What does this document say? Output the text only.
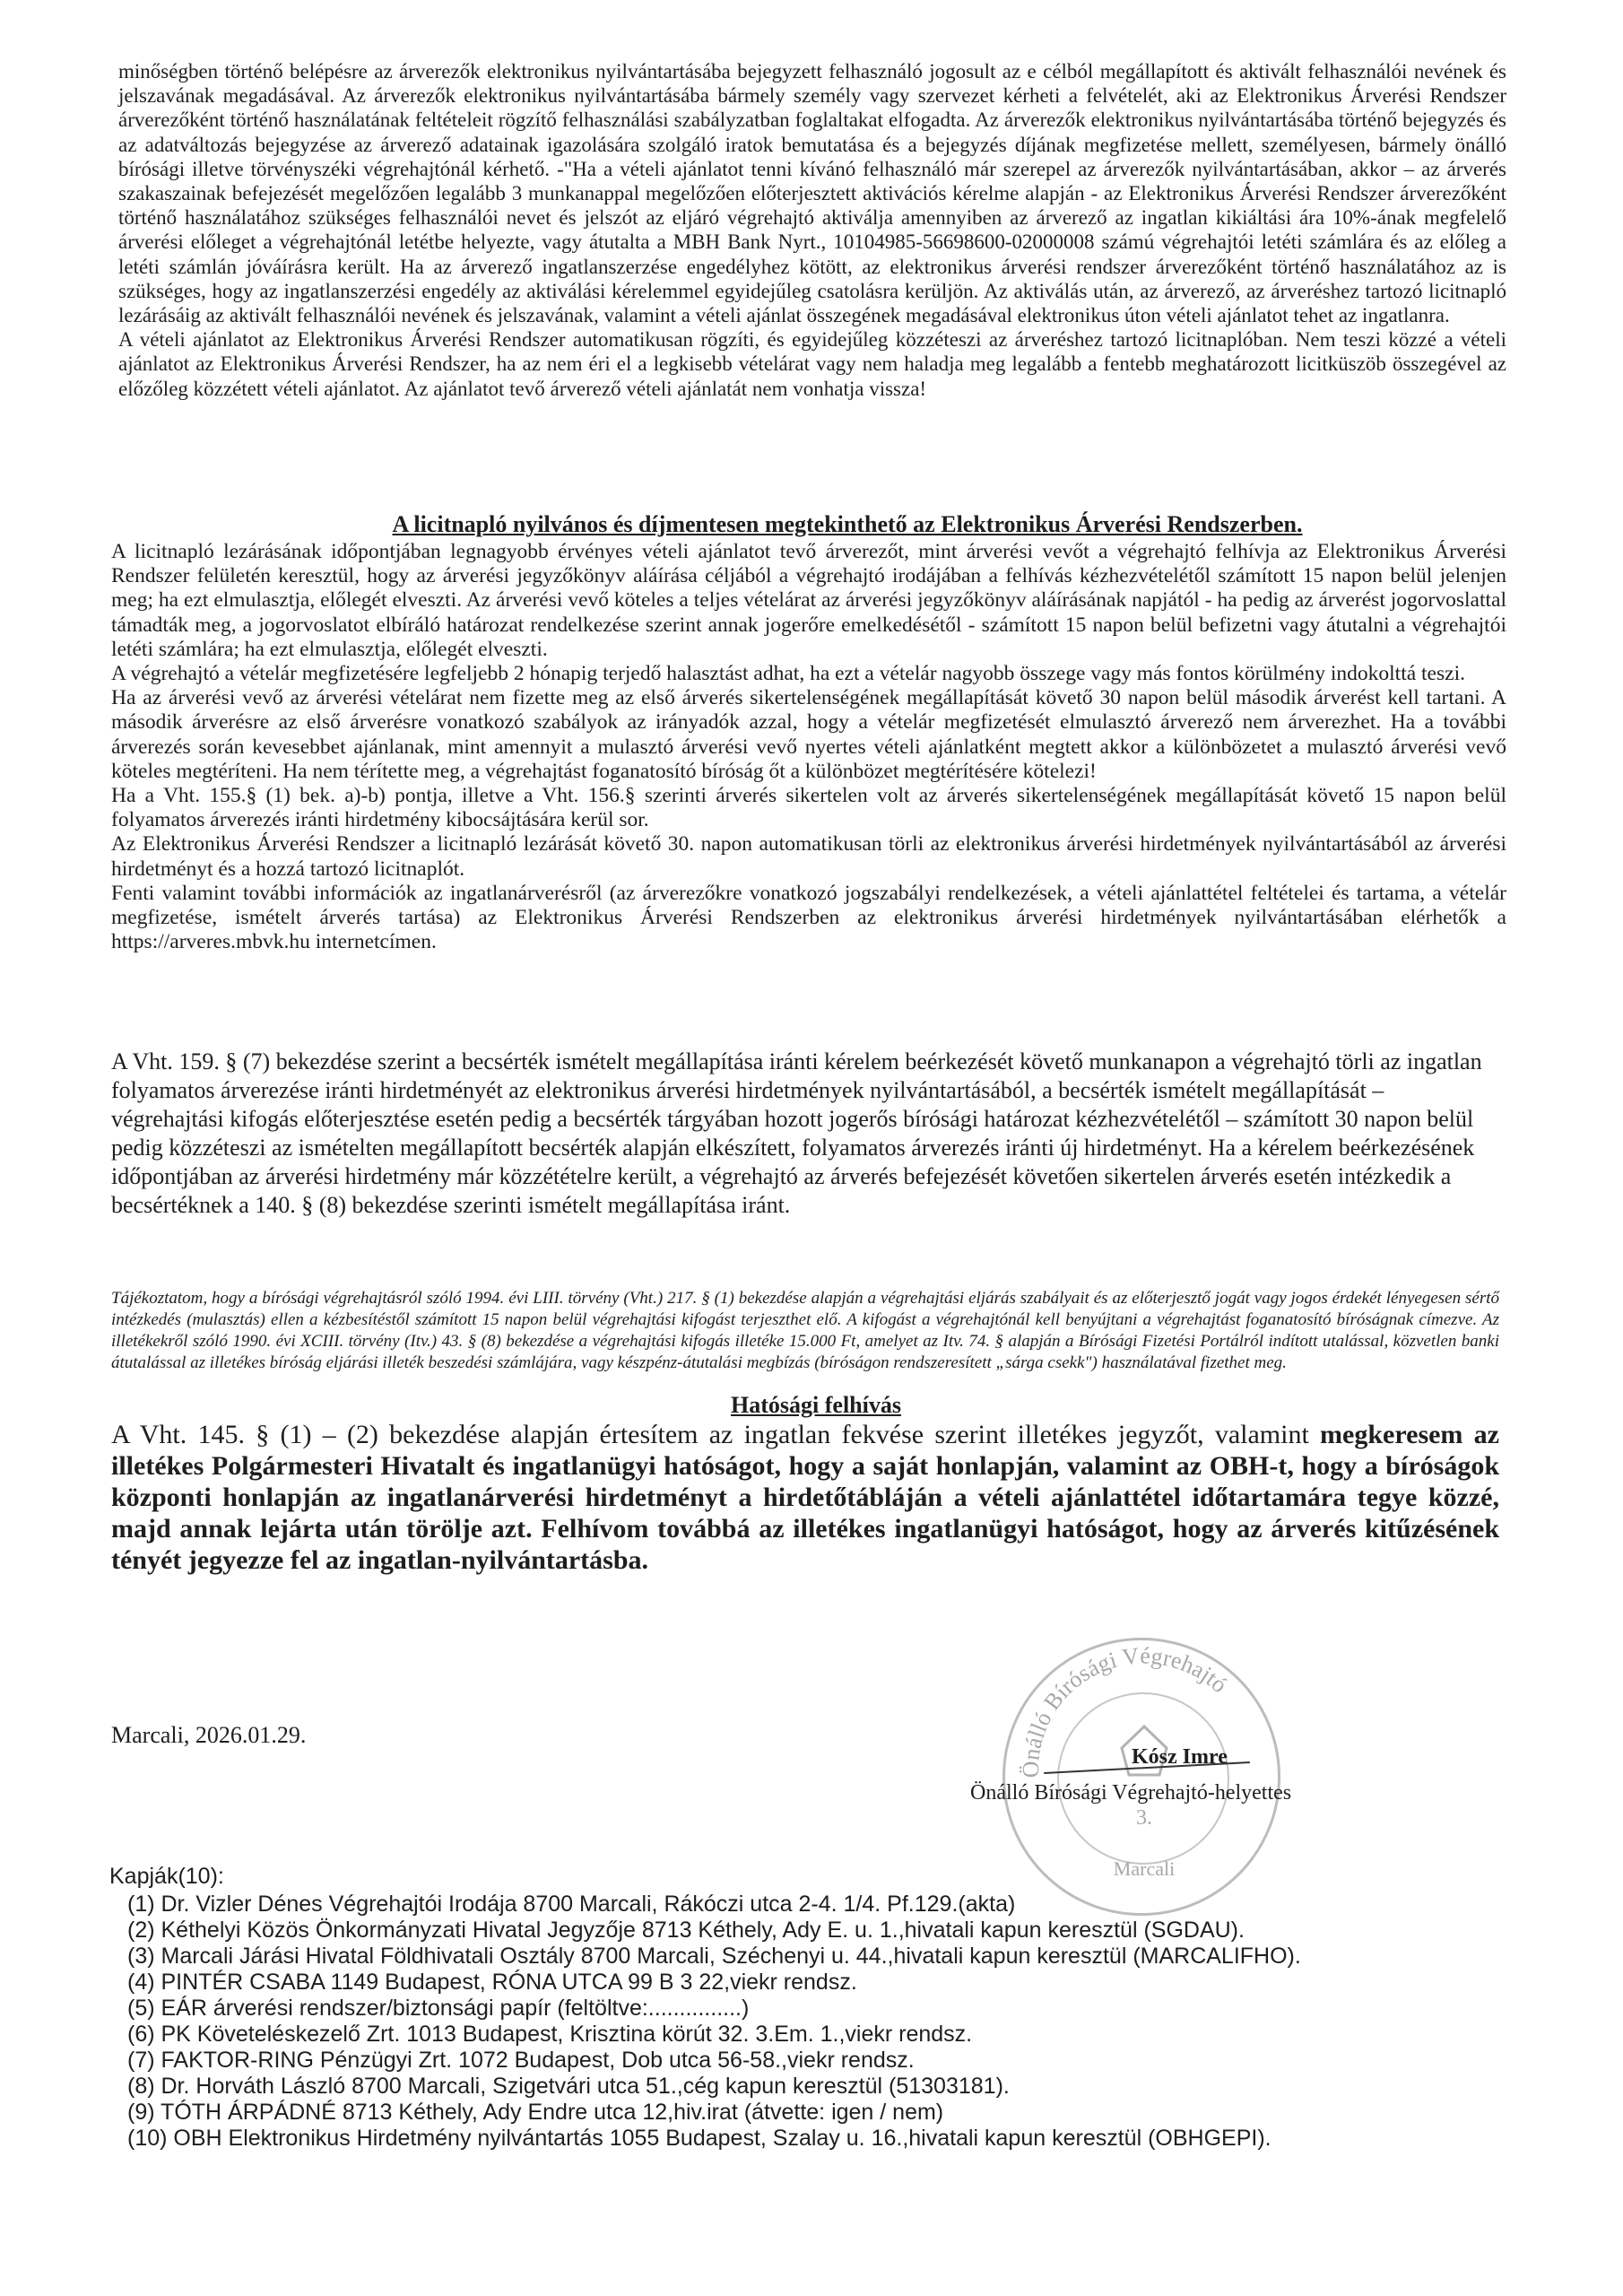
minőségben történő belépésre az árverezők elektronikus nyilvántartásába bejegyzett felhasználó jogosult az e célból megállapított és aktivált felhasználói nevének és jelszavának megadásával. Az árverezők elektronikus nyilvántartásába bármely személy vagy szervezet kérheti a felvételét, aki az Elektronikus Árverési Rendszer árverezőként történő használatának feltételeit rögzítő felhasználási szabályzatban foglaltakat elfogadta. Az árverezők elektronikus nyilvántartásába történő bejegyzés és az adatváltozás bejegyzése az árverező adatainak igazolására szolgáló iratok bemutatása és a bejegyzés díjának megfizetése mellett, személyesen, bármely önálló bírósági illetve törvényszéki végrehajtónál kérhető. -"Ha a vételi ajánlatot tenni kívánó felhasználó már szerepel az árverezők nyilvántartásában, akkor – az árverés szakaszainak befejezését megelőzően legalább 3 munkanappal megelőzően előterjesztett aktivációs kérelme alapján - az Elektronikus Árverési Rendszer árverezőként történő használatához szükséges felhasználói nevet és jelszót az eljáró végrehajtó aktiválja amennyiben az árverező az ingatlan kikiáltási ára 10%-ának megfelelő árverési előleget a végrehajtónál letétbe helyezte, vagy átutalta a MBH Bank Nyrt., 10104985-56698600-02000008 számú végrehajtói letéti számlára és az előleg a letéti számlán jóváírásra került. Ha az árverező ingatlanszerzése engedélyhez kötött, az elektronikus árverési rendszer árverezőként történő használatához az is szükséges, hogy az ingatlanszerzési engedély az aktiválási kérelemmel egyidejűleg csatolásra kerüljön. Az aktiválás után, az árverező, az árveréshez tartozó licitnapló lezárásáig az aktivált felhasználói nevének és jelszavának, valamint a vételi ajánlat összegének megadásával elektronikus úton vételi ajánlatot tehet az ingatlanra.
A vételi ajánlatot az Elektronikus Árverési Rendszer automatikusan rögzíti, és egyidejűleg közzéteszi az árveréshez tartozó licitnaplóban. Nem teszi közzé a vételi ajánlatot az Elektronikus Árverési Rendszer, ha az nem éri el a legkisebb vételárat vagy nem haladja meg legalább a fentebb meghatározott licitküszöb összegével az előzőleg közzétett vételi ajánlatot. Az ajánlatot tevő árverező vételi ajánlatát nem vonhatja vissza!

A licitnapló nyilvános és díjmentesen megtekinthető az Elektronikus Árverési Rendszerben.

A licitnapló lezárásának időpontjában legnagyobb érvényes vételi ajánlatot tevő árverezőt, mint árverési vevőt a végrehajtó felhívja az Elektronikus Árverési Rendszer felületén keresztül, hogy az árverési jegyzőkönyv aláírása céljából a végrehajtó irodájában a felhívás kézhezvételétől számított 15 napon belül jelenjen meg; ha ezt elmulasztja, előlegét elveszti. Az árverési vevő köteles a teljes vételárat az árverési jegyzőkönyv aláírásának napjától - ha pedig az árverést jogorvoslattal támadták meg, a jogorvoslatot elbíráló határozat rendelkezése szerint annak jogerőre emelkedésétől - számított 15 napon belül befizetni vagy átutalni a végrehajtói letéti számlára; ha ezt elmulasztja, előlegét elveszti.
A végrehajtó a vételár megfizetésére legfeljebb 2 hónapig terjedő halasztást adhat, ha ezt a vételár nagyobb összege vagy más fontos körülmény indokolttá teszi.
Ha az árverési vevő az árverési vételárat nem fizette meg az első árverés sikertelenségének megállapítását követő 30 napon belül második árverést kell tartani. A második árverésre az első árverésre vonatkozó szabályok az irányadók azzal, hogy a vételár megfizetését elmulasztó árverező nem árverezhet. Ha a további árverezés során kevesebbet ajánlanak, mint amennyit a mulasztó árverési vevő nyertes vételi ajánlatként megtett akkor a különbözetet a mulasztó árverési vevő köteles megtéríteni. Ha nem térítette meg, a végrehajtást foganatosító bíróság őt a különbözet megtérítésére kötelezi!
Ha a Vht. 155.§ (1) bek. a)-b) pontja, illetve a Vht. 156.§ szerinti árverés sikertelen volt az árverés sikertelenségének megállapítását követő 15 napon belül folyamatos árverezés iránti hirdetmény kibocsájtására kerül sor.
Az Elektronikus Árverési Rendszer a licitnapló lezárását követő 30. napon automatikusan törli az elektronikus árverési hirdetmények nyilvántartásából az árverési hirdetményt és a hozzá tartozó licitnaplót.
Fenti valamint további információk az ingatlanárverésről (az árverezőkre vonatkozó jogszabályi rendelkezések, a vételi ajánlattétel feltételei és tartama, a vételár megfizetése, ismételt árverés tartása) az Elektronikus Árverési Rendszerben az elektronikus árverési hirdetmények nyilvántartásában elérhetők a https://arveres.mbvk.hu internetcímen.

A Vht. 159. § (7) bekezdése szerint a becsérték ismételt megállapítása iránti kérelem beérkezését követő munkanapon a végrehajtó törli az ingatlan folyamatos árverezése iránti hirdetményét az elektronikus árverési hirdetmények nyilvántartásából, a becsérték ismételt megállapítását – végrehajtási kifogás előterjesztése esetén pedig a becsérték tárgyában hozott jogerős bírósági határozat kézhezvételétől – számított 30 napon belül pedig közzéteszi az ismételten megállapított becsérték alapján elkészített, folyamatos árverezés iránti új hirdetményt. Ha a kérelem beérkezésének időpontjában az árverési hirdetmény már közzétételre került, a végrehajtó az árverés befejezését követően sikertelen árverés esetén intézkedik a becsértéknek a 140. § (8) bekezdése szerinti ismételt megállapítása iránt.

Tájékoztatom, hogy a bírósági végrehajtásról szóló 1994. évi LIII. törvény (Vht.) 217. § (1) bekezdése alapján a végrehajtási eljárás szabályait és az előterjesztő jogát vagy jogos érdekét lényegesen sértő intézkedés (mulasztás) ellen a kézbesítéstől számított 15 napon belül végrehajtási kifogást terjeszthet elő. A kifogást a végrehajtónál kell benyújtani a végrehajtást foganatosító bíróságnak címezve. Az illetékekről szóló 1990. évi XCIII. törvény (Itv.) 43. § (8) bekezdése a végrehajtási kifogás illetéke 15.000 Ft, amelyet az Itv. 74. § alapján a Bírósági Fizetési Portálról indított utalással, közvetlen banki átutalással az illetékes bíróság eljárási illeték beszedési számlájára, vagy készpénz-átutalási megbízás (bíróságon rendszeresített „sárga csekk") használatával fizethet meg.

Hatósági felhívás

A Vht. 145. § (1) – (2) bekezdése alapján értesítem az ingatlan fekvése szerint illetékes jegyzőt, valamint megkeresem az illetékes Polgármesteri Hivatalt és ingatlanügyi hatóságot, hogy a saját honlapján, valamint az OBH-t, hogy a bíróságok központi honlapján az ingatlanárverési hirdetményt a hirdetőtábláján a vételi ajánlattétel időtartamára tegye közzé, majd annak lejárta után törölje azt. Felhívom továbbá az illetékes ingatlanügyi hatóságot, hogy az árverés kitűzésének tényét jegyezze fel az ingatlan-nyilvántartásba.

Önálló Bírósági Végrehajtó
3.
Marcali
Marcali, 2026.01.29.
Kósz Imre
Önálló Bírósági Végrehajtó-helyettes
Kapják(10):
(1) Dr. Vizler Dénes Végrehajtói Irodája 8700 Marcali, Rákóczi utca 2-4. 1/4. Pf.129.(akta)
(2) Kéthelyi Közös Önkormányzati Hivatal Jegyzője 8713 Kéthely, Ady E. u. 1.,hivatali kapun keresztül (SGDAU).
(3) Marcali Járási Hivatal Földhivatali Osztály 8700 Marcali, Széchenyi u. 44.,hivatali kapun keresztül (MARCALIFHO).
(4) PINTÉR CSABA 1149 Budapest, RÓNA UTCA 99 B 3 22,viekr rendsz.
(5) EÁR árverési rendszer/biztonsági papír (feltöltve:...............)
(6) PK Követeléskezelő Zrt. 1013 Budapest, Krisztina körút 32. 3.Em. 1.,viekr rendsz.
(7) FAKTOR-RING Pénzügyi Zrt. 1072 Budapest, Dob utca 56-58.,viekr rendsz.
(8) Dr. Horváth László 8700 Marcali, Szigetvári utca 51.,cég kapun keresztül (51303181).
(9) TÓTH ÁRPÁDNÉ 8713 Kéthely, Ady Endre utca 12,hiv.irat (átvette: igen / nem)
(10) OBH Elektronikus Hirdetmény nyilvántartás 1055 Budapest, Szalay u. 16.,hivatali kapun keresztül (OBHGEPI).
